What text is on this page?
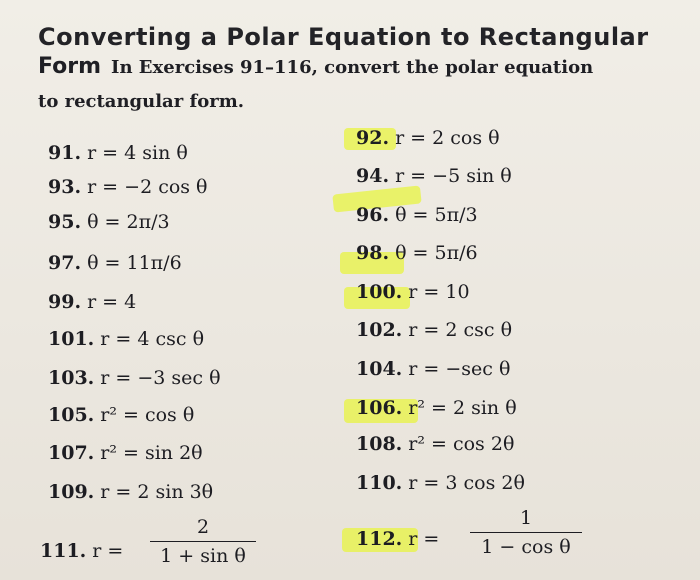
Converting a Polar Equation to Rectangular
Form In Exercises 91–116, convert the polar equation
to rectangular form.
91. r = 4 sin θ
92. r = 2 cos θ
93. r = −2 cos θ	94. r = −5 sin θ
95. θ = 2π/3	96. θ = 5π/3
97. θ = 11π/6	98. θ = 5π/6
99. r = 4	100. r = 10
101. r = 4 csc θ	102. r = 2 csc θ
103. r = −3 sec θ	104. r = −sec θ
105. r² = cos θ	106. r² = 2 sin θ
107. r² = sin 2θ	108. r² = cos 2θ
109. r = 2 sin 3θ	110. r = 3 cos 2θ
111. r =
2
1 + sin θ
112. r =
1
1 − cos θ
